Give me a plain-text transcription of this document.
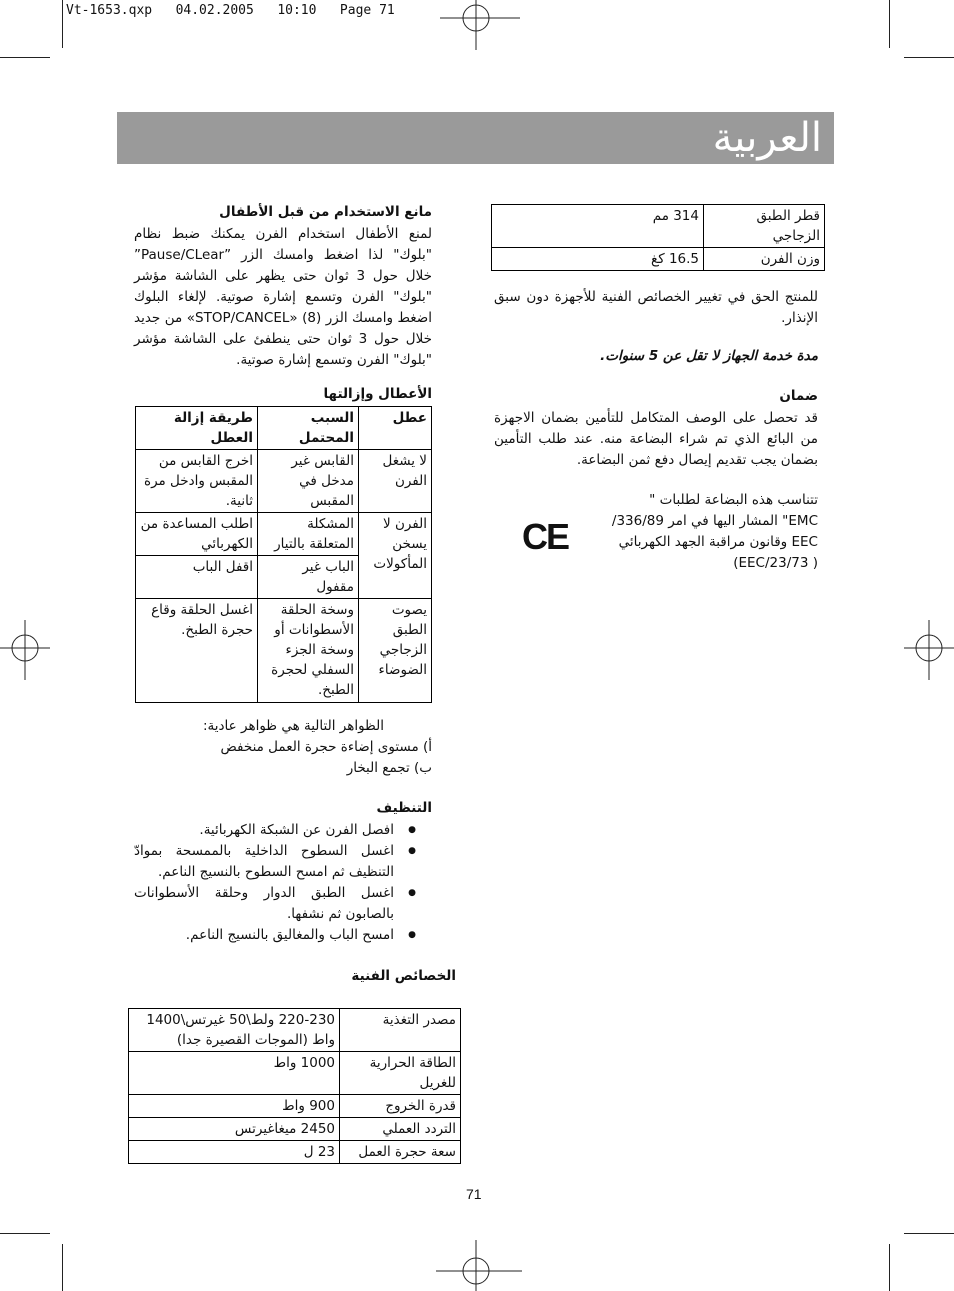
Vt-1653.qxp   04.02.2005   10:10   Page 71
العربية
مانع الاستخدام من قبل الأطفال
لمنع الأطفال استخدام الفرن يمكنك ضبط نظام "بلوك" لذا اضغط وامسك الزر ”Pause/CLear” خلال حول 3 ثوان حتى يظهر على الشاشة مؤشر "بلوك" الفرن وتسمع إشارة صوتية. لإلغاء البلوك اضغط وامسك الزر (8) «STOP/CANCEL» من جديد خلال حول 3 ثوان حتى ينطفئ على الشاشة مؤشر "بلوك" الفرن وتسمع إشارة صوتية.
الأعطال وإزالتها
عطل	السبب المحتمل	طريقة إزالة العطل
لا يشغل الفرن	القابس غير مدخل في المقبس	اخرج القابس من المقبس وادخل مرة ثانية.
الفرن لا يسخن المأكولات	المشكلة المتعلقة بالتيار	اطلب المساعدة من الكهربائي
	الباب غير مقفول	اقفل الباب
يصوت الطبق الزجاجي الضوضاء	وسخة الحلقة الأسطوانات أو وسخة الجزء السفلي لحجرة الطبخ.	اغسل الحلقة وقاع حجرة الطبخ.
الظواهر التالية هي ظواهر عادية:
أ) مستوى إضاءة حجرة العمل منخفض
ب) تجمع البخار
التنظيف
● افصل الفرن عن الشبكة الكهربائية.
● اغسل السطوح الداخلية بالممسحة بموادّ التنظيف ثم امسح السطوح بالنسيج الناعم.
● اغسل الطبق الدوار وحلقة الأسطوانات بالصابون ثم نشفها.
● امسح الباب والمغاليق بالنسيج الناعم.
الخصائص الفنية
مصدر التغذية	220-230 ولط\50 غيرتس\1400 واط (الموجات القصيرة جدا)
الطاقة الحرارية للغريل	1000 واط
قدرة الخروج	900 واط
التردد العملي	2450 ميغاغيرتس
سعة حجرة العمل	23 ل
قطر الطبق الزجاجي	314 مم
وزن الفرن	16.5 كغ
للمنتج الحق في تغيير الخصائص الفنية للأجهزة دون سبق الإنذار.
مدة خدمة الجهاز لا تقل عن 5 سنوات.
ضمان
قد تحصل على الوصف المتكامل للتأمين بضمان الاجهزة من البائع الذي تم شراء البضاعة منه. عند طلب التأمين بضمان يجب تقديم إيصال دفع ثمن البضاعة.
تتناسب هذه البضاعة لطلبات "
EMC" المشار اليها في امر 336/89/
EEC وقانون مراقبة الجهد الكهربائي
( EEC/23/73)
CE
71
